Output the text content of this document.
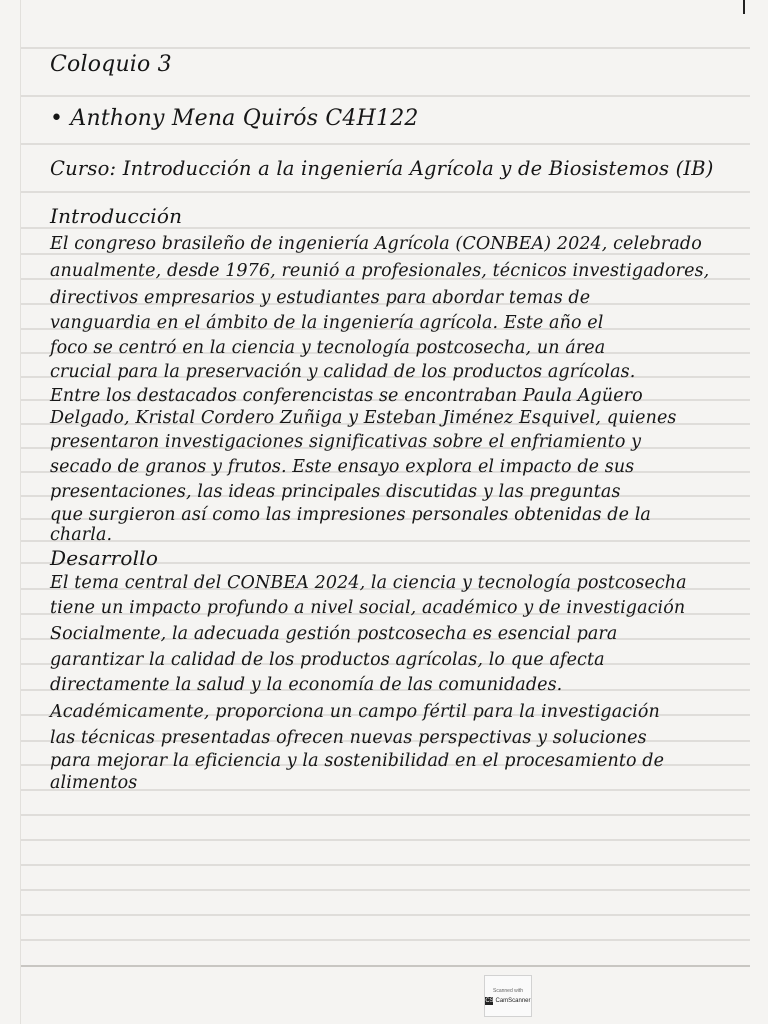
Coloquio 3
• Anthony Mena Quirós C4H122
Curso: Introducción a la ingeniería Agrícola y de Biosistemos (IB)
Introducción
El congreso brasileño de ingeniería Agrícola (CONBEA) 2024, celebrado
anualmente, desde 1976, reunió a profesionales, técnicos investigadores,
directivos empresarios y estudiantes para abordar temas de
vanguardia en el ámbito de la ingeniería agrícola. Este año el
foco se centró en la ciencia y tecnología postcosecha, un área
crucial para la preservación y calidad de los productos agrícolas.
Entre los destacados conferencistas se encontraban Paula Agüero
Delgado, Kristal Cordero Zuñiga y Esteban Jiménez Esquivel, quienes
presentaron investigaciones significativas sobre el enfriamiento y
secado de granos y frutos. Este ensayo explora el impacto de sus
presentaciones, las ideas principales discutidas y las preguntas
que surgieron así como las impresiones personales obtenidas de la
charla.
Desarrollo
El tema central del CONBEA 2024, la ciencia y tecnología postcosecha
tiene un impacto profundo a nivel social, académico y de investigación
Socialmente, la adecuada gestión postcosecha es esencial para
garantizar la calidad de los productos agrícolas, lo que afecta
directamente la salud y la economía de las comunidades.
Académicamente, proporciona un campo fértil para la investigación
las técnicas presentadas ofrecen nuevas perspectivas y soluciones
para mejorar la eficiencia y la sostenibilidad en el procesamiento de
alimentos
Scanned with
CS CamScanner
